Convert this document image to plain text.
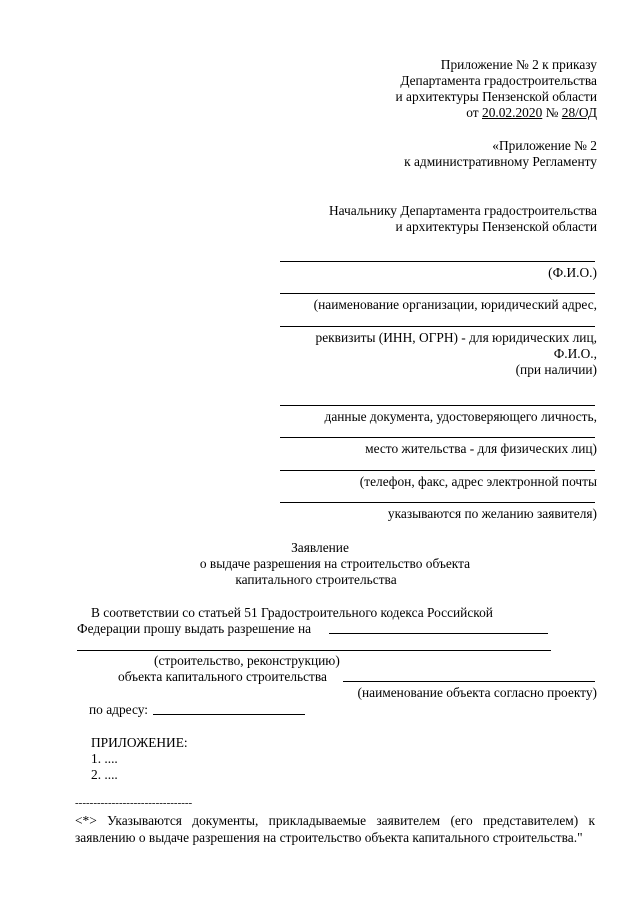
Приложение № 2 к приказу
Департамента градостроительства
и архитектуры Пензенской области
от 20.02.2020 № 28/ОД
«Приложение № 2
к административному Регламенту
Начальнику Департамента градостроительства
и архитектуры Пензенской области
(Ф.И.О.)
(наименование организации, юридический адрес,
реквизиты (ИНН, ОГРН) - для юридических лиц,
Ф.И.О.,
(при наличии)
данные документа, удостоверяющего личность,
место жительства - для физических лиц)
(телефон, факс, адрес электронной почты
указываются по желанию заявителя)
Заявление
о выдаче разрешения на строительство объекта
капитального строительства
В соответствии со статьей 51 Градостроительного кодекса Российской
Федерации прошу выдать разрешение на
(строительство, реконструкцию)
объекта капитального строительства
(наименование объекта согласно проекту)
по адресу:
ПРИЛОЖЕНИЕ:
1. ....
2. ....
--------------------------------
<*> Указываются документы, прикладываемые заявителем (его представителем) к заявлению о выдаче разрешения на строительство объекта капитального строительства."
